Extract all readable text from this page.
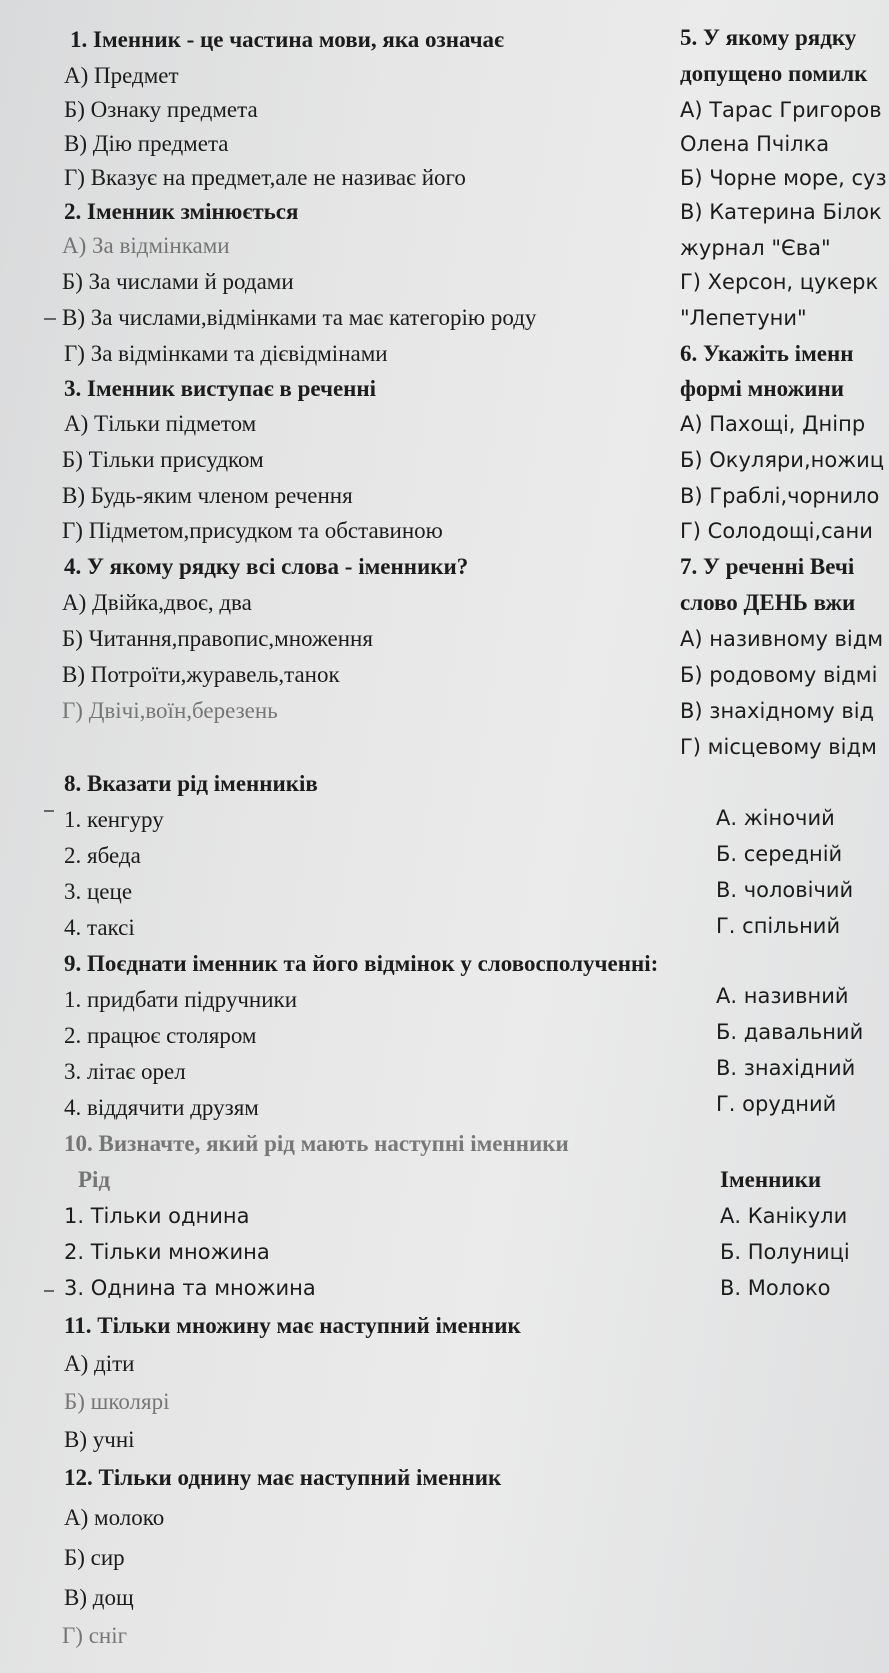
1. Іменник - це частина мови, яка означає
А) Предмет
Б) Ознаку предмета
В) Дію предмета
Г) Вказує на предмет,але не називає його
2. Іменник змінюється
А) За відмінками
Б) За числами й родами
В) За числами,відмінками та має категорію роду
Г) За відмінками та дієвідмінами
3. Іменник виступає в реченні
А) Тільки підметом
Б) Тільки присудком
В) Будь-яким членом речення
Г) Підметом,присудком та обставиною
4. У якому рядку всі слова - іменники?
А) Двійка,двоє, два
Б) Читання,правопис,множення
В) Потроїти,журавель,танок
Г) Двічі,воїн,березень
5. У якому рядку
допущено помилк
А) Тарас Григоров
Олена Пчілка
Б) Чорне море, суз
В) Катерина Білок
журнал "Єва"
Г) Херсон, цукерк
"Лепетуни"
6. Укажіть іменн
формі множини
А) Пахощі, Дніпр
Б) Окуляри,ножиц
В) Граблі,чорнило
Г) Солодощі,сани
7. У реченні Вечі
слово ДЕНЬ вжи
А) називному відм
Б) родовому відмі
В) знахідному від
Г) місцевому відм
8. Вказати рід іменників
1. кенгуру
2. ябеда
3. цеце
4. таксі
А. жіночий
Б. середній
В. чоловічий
Г. спільний
9. Поєднати іменник та його відмінок у словосполученні:
1. придбати підручники
2. працює столяром
3. літає орел
4. віддячити друзям
А. називний
Б. давальний
В. знахідний
Г. орудний
10. Визначте, який рід мають наступні іменники
Рід	Іменники
1. Тільки однина
2. Тільки множина
3. Однина та множина
А. Канікули
Б. Полуниці
В. Молоко
11. Тільки множину має наступний іменник
А) діти
Б) школярі
В) учні
12. Тільки однину має наступний іменник
А) молоко
Б) сир
В) дощ
Г) сніг
